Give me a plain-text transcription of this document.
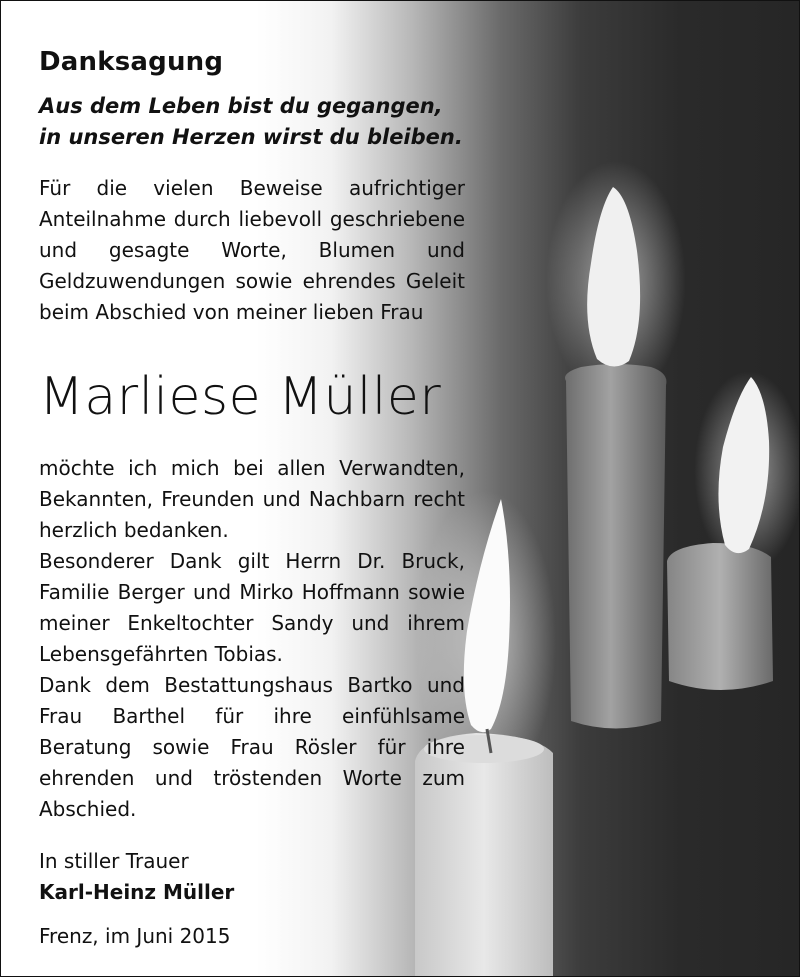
Danksagung
Aus dem Leben bist du gegangen,
in unseren Herzen wirst du bleiben.
Für die vielen Beweise aufrichtiger Anteilnahme durch liebevoll geschriebene und gesagte Worte, Blumen und Geldzuwendungen sowie ehrendes Geleit beim Abschied von meiner lieben Frau
Marliese Müller
möchte ich mich bei allen Verwandten, Bekannten, Freunden und Nachbarn recht herzlich bedanken.
Besonderer Dank gilt Herrn Dr. Bruck, Familie Berger und Mirko Hoffmann sowie meiner Enkeltochter Sandy und ihrem Lebensgefährten Tobias.
Dank dem Bestattungshaus Bartko und Frau Barthel für ihre einfühlsame Beratung sowie Frau Rösler für ihre ehrenden und tröstenden Worte zum Abschied.
In stiller Trauer
Karl-Heinz Müller
Frenz, im Juni 2015
